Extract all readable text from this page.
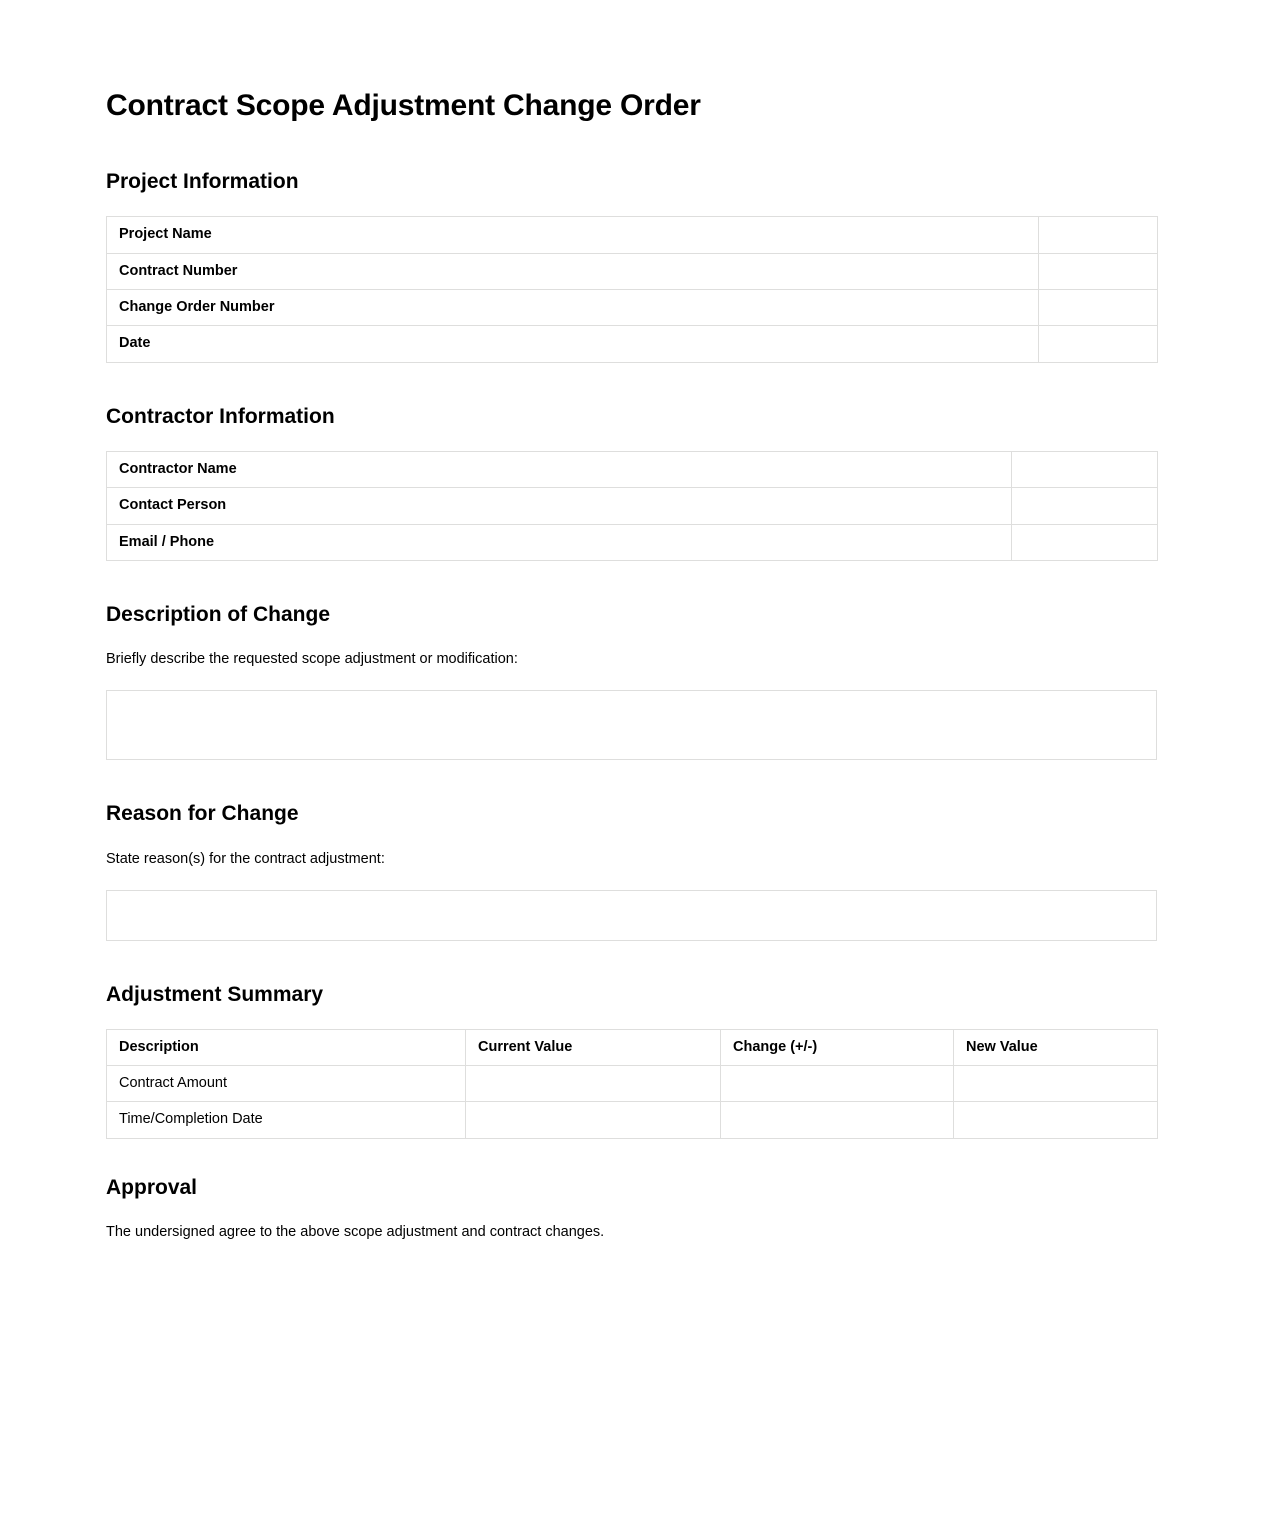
Contract Scope Adjustment Change Order
Project Information
Project Name	
Contract Number	
Change Order Number	
Date	
Contractor Information
Contractor Name	
Contact Person	
Email / Phone	
Description of Change

Briefly describe the requested scope adjustment or modification:

Reason for Change

State reason(s) for the contract adjustment:

Adjustment Summary
Description	Current Value	Change (+/-)	New Value
Contract Amount			
Time/Completion Date			
Approval

The undersigned agree to the above scope adjustment and contract changes.
